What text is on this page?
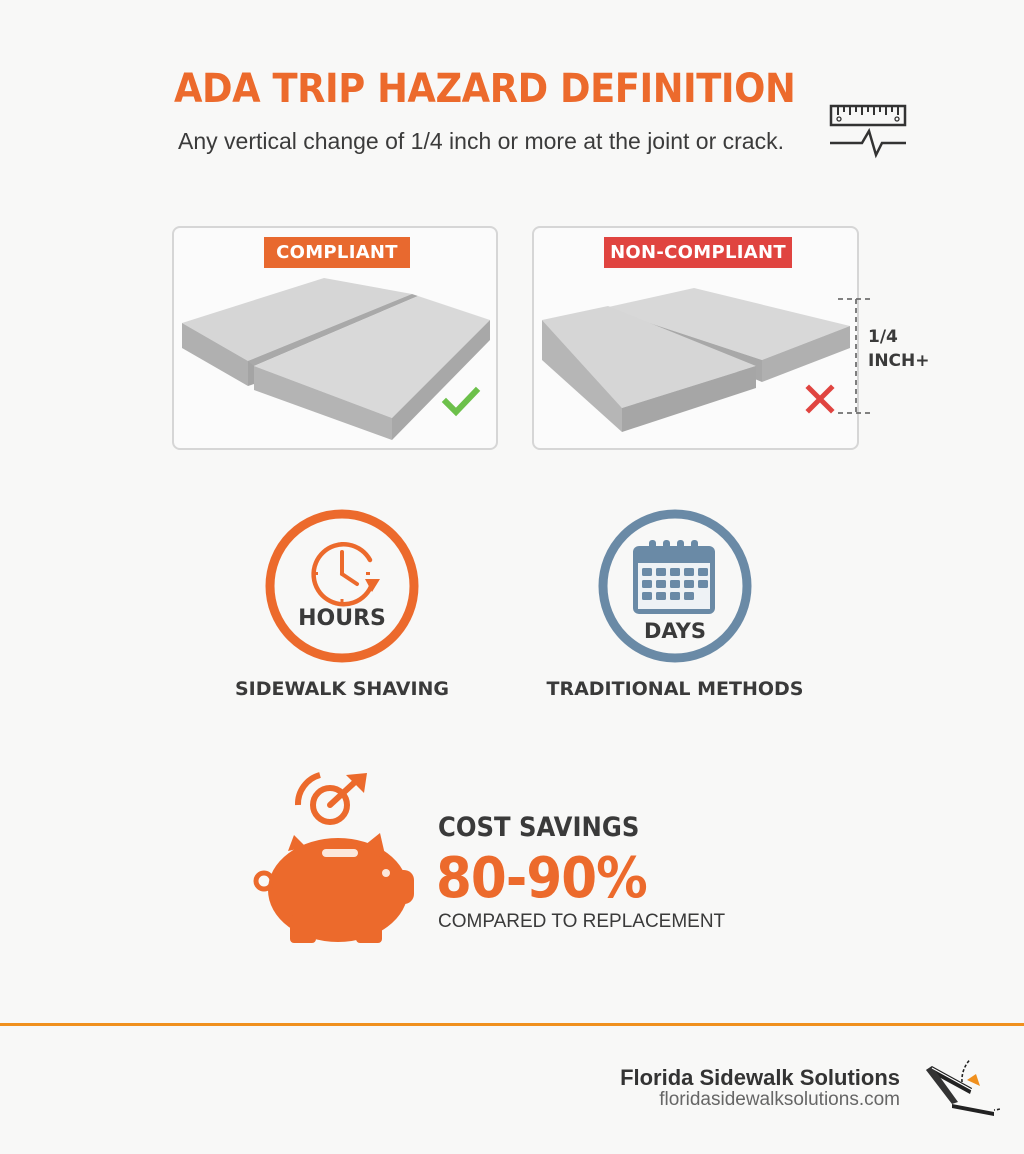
ADA TRIP HAZARD DEFINITION
Any vertical change of 1/4 inch or more at the joint or crack.
COMPLIANT	NON-COMPLIANT
1/4
INCH+
HOURS
SIDEWALK SHAVING
DAYS
TRADITIONAL METHODS
COST SAVINGS
80-90%
COMPARED TO REPLACEMENT
Florida Sidewalk Solutions
floridasidewalksolutions.com
